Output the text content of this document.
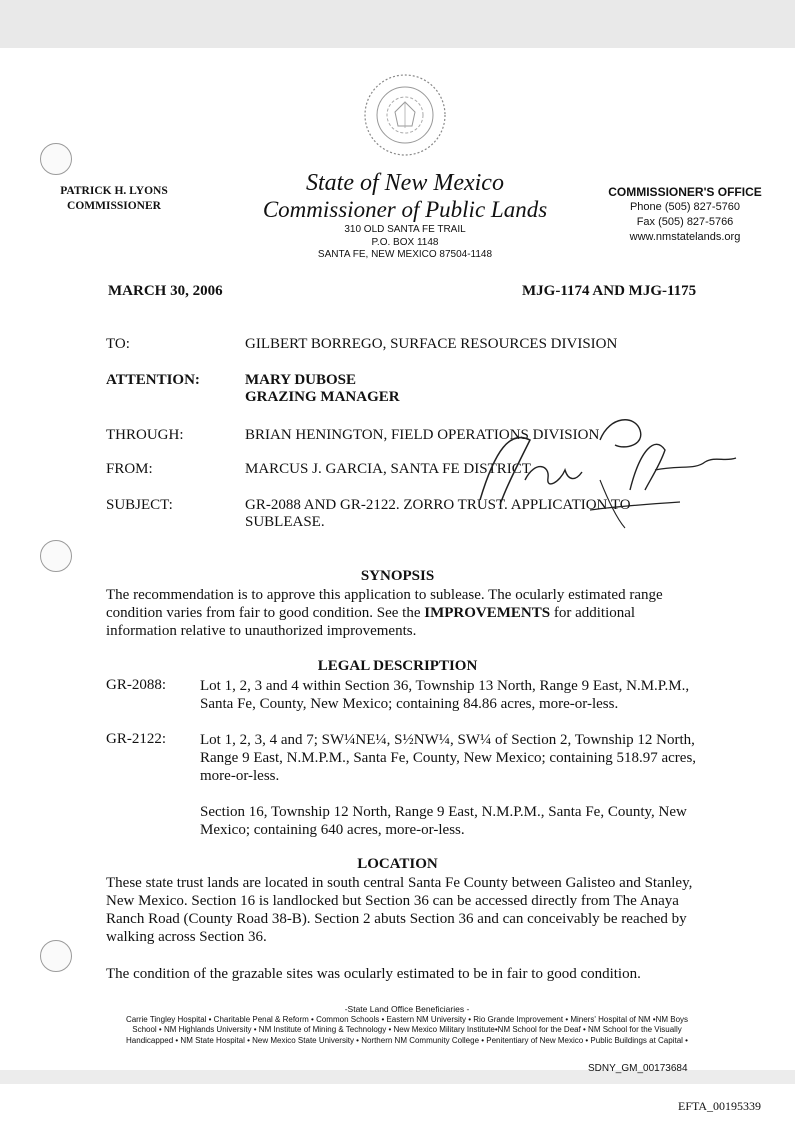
PATRICK H. LYONS
COMMISSIONER
State of New Mexico
Commissioner of Public Lands
310 OLD SANTA FE TRAIL
P.O. BOX 1148
SANTA FE, NEW MEXICO 87504-1148
COMMISSIONER'S OFFICE
Phone (505) 827-5760
Fax (505) 827-5766
www.nmstatelands.org
MARCH 30, 2006	MJG-1174 AND MJG-1175
TO:	GILBERT BORREGO, SURFACE RESOURCES DIVISION
ATTENTION:	MARY DUBOSE
GRAZING MANAGER
THROUGH:	BRIAN HENINGTON, FIELD OPERATIONS DIVISION
FROM:	MARCUS J. GARCIA, SANTA FE DISTRICT
SUBJECT:	GR-2088 AND GR-2122. ZORRO TRUST. APPLICATION TO
SUBLEASE.
SYNOPSIS
The recommendation is to approve this application to sublease. The ocularly estimated range condition varies from fair to good condition. See the IMPROVEMENTS for additional information relative to unauthorized improvements.
LEGAL DESCRIPTION
GR-2088: Lot 1, 2, 3 and 4 within Section 36, Township 13 North, Range 9 East, N.M.P.M., Santa Fe, County, New Mexico; containing 84.86 acres, more-or-less.
GR-2122: Lot 1, 2, 3, 4 and 7; SW¼NE¼, S½NW¼, SW¼ of Section 2, Township 12 North, Range 9 East, N.M.P.M., Santa Fe, County, New Mexico; containing 518.97 acres, more-or-less.
Section 16, Township 12 North, Range 9 East, N.M.P.M., Santa Fe, County, New Mexico; containing 640 acres, more-or-less.
LOCATION
These state trust lands are located in south central Santa Fe County between Galisteo and Stanley, New Mexico. Section 16 is landlocked but Section 36 can be accessed directly from The Anaya Ranch Road (County Road 38-B). Section 2 abuts Section 36 and can conceivably be reached by walking across Section 36.
The condition of the grazable sites was ocularly estimated to be in fair to good condition.
-State Land Office Beneficiaries -
Carrie Tingley Hospital • Charitable Penal & Reform • Common Schools • Eastern NM University • Rio Grande Improvement • Miners' Hospital of NM •NM Boys
School • NM Highlands University • NM Institute of Mining & Technology • New Mexico Military Institute•NM School for the Deaf • NM School for the Visually
Handicapped • NM State Hospital • New Mexico State University • Northern NM Community College • Penitentiary of New Mexico • Public Buildings at Capital •
SDNY_GM_00173684
EFTA_00195339
